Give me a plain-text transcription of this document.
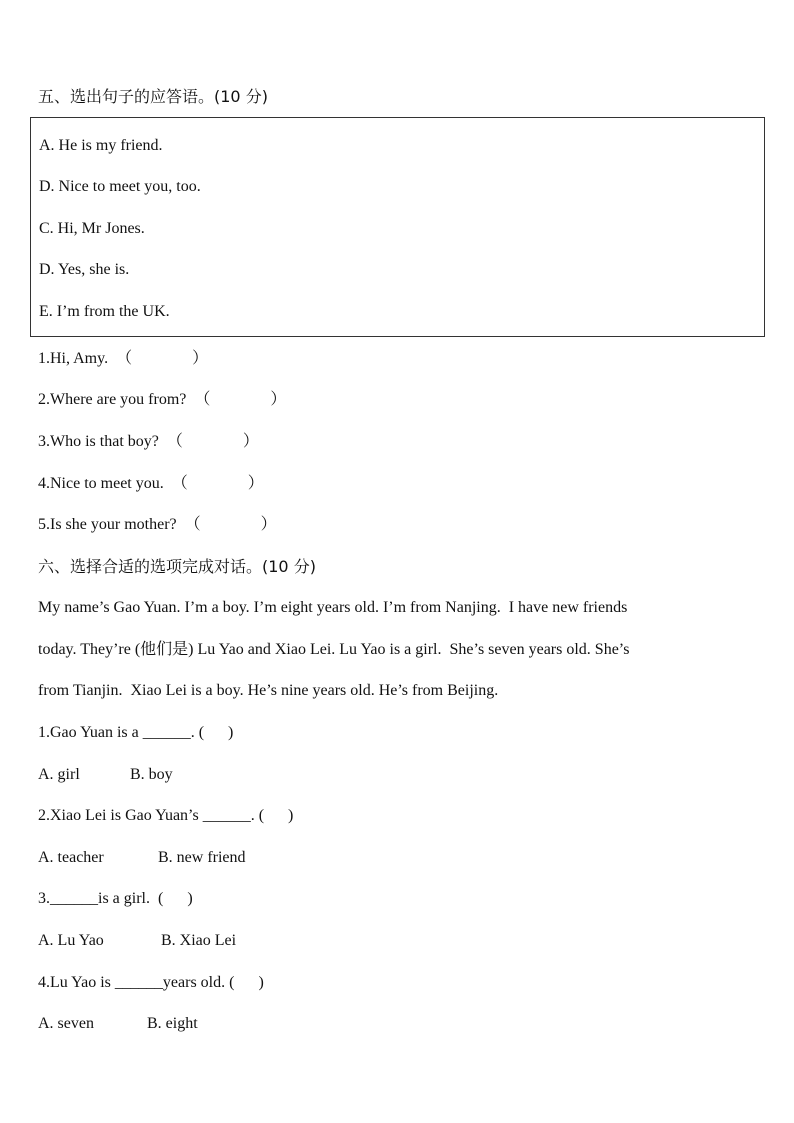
五、选出句子的应答语。(10 分)
A. He is my friend.
D. Nice to meet you, too.
C. Hi, Mr Jones.
D. Yes, she is.
E. I’m from the UK.
1.Hi, Amy.  （               ）
2.Where are you from?  （               ）
3.Who is that boy?  （               ）
4.Nice to meet you.  （               ）
5.Is she your mother?  （               ）
六、选择合适的选项完成对话。(10 分)
My name’s Gao Yuan. I’m a boy. I’m eight years old. I’m from Nanjing.  I have new friends
today. They’re (他们是) Lu Yao and Xiao Lei. Lu Yao is a girl.  She’s seven years old. She’s
from Tianjin.  Xiao Lei is a boy. He’s nine years old. He’s from Beijing.
1.Gao Yuan is a ______. (      )
A. girl	B. boy
2.Xiao Lei is Gao Yuan’s ______. (      )
A. teacher	B. new friend
3.______is a girl.  (      )
A. Lu Yao	B. Xiao Lei
4.Lu Yao is ______years old. (      )
A. seven	B. eight
